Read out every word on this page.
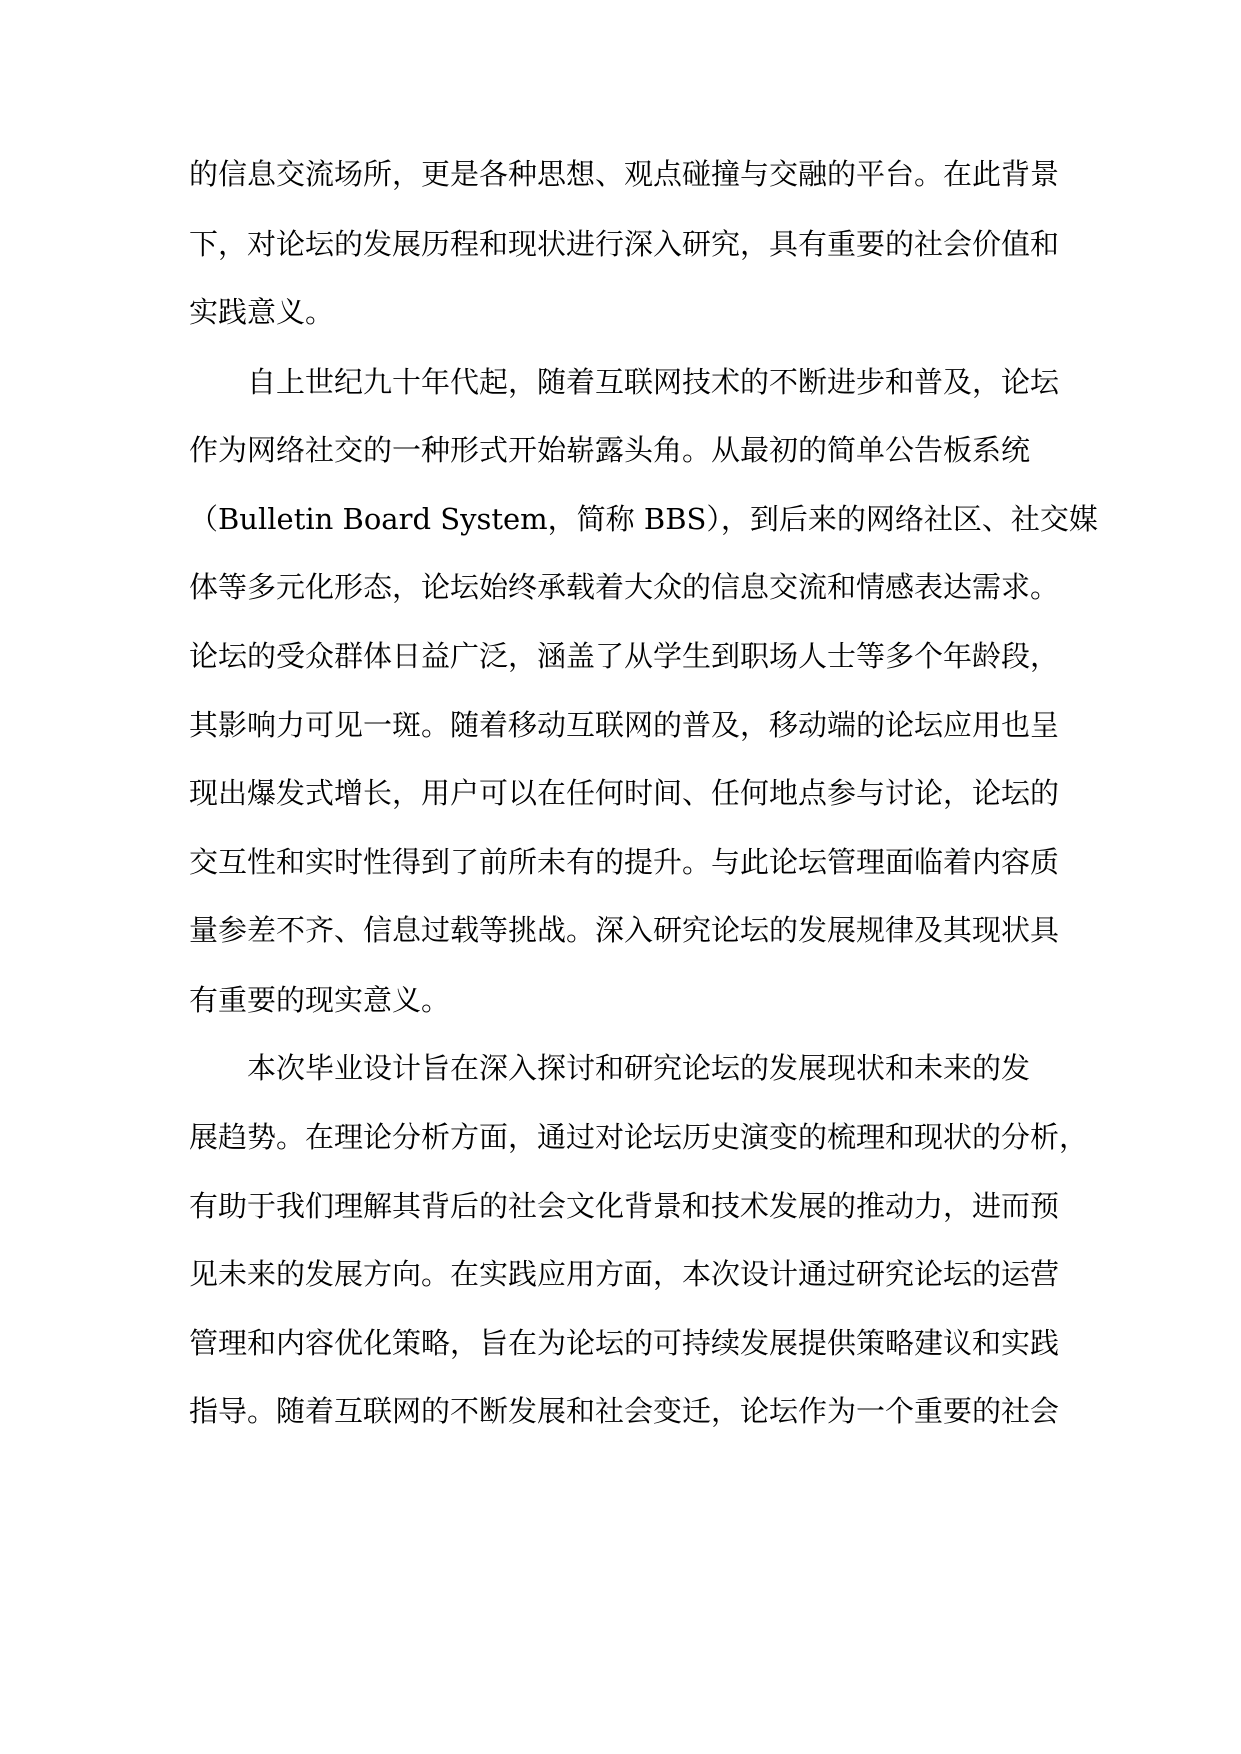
的信息交流场所，更是各种思想、观点碰撞与交融的平台。在此背景
下，对论坛的发展历程和现状进行深入研究，具有重要的社会价值和
实践意义。
自上世纪九十年代起，随着互联网技术的不断进步和普及，论坛
作为网络社交的一种形式开始崭露头角。从最初的简单公告板系统
（Bulletin Board System，简称 BBS），到后来的网络社区、社交媒
体等多元化形态，论坛始终承载着大众的信息交流和情感表达需求。
论坛的受众群体日益广泛，涵盖了从学生到职场人士等多个年龄段，
其影响力可见一斑。随着移动互联网的普及，移动端的论坛应用也呈
现出爆发式增长，用户可以在任何时间、任何地点参与讨论，论坛的
交互性和实时性得到了前所未有的提升。与此论坛管理面临着内容质
量参差不齐、信息过载等挑战。深入研究论坛的发展规律及其现状具
有重要的现实意义。
本次毕业设计旨在深入探讨和研究论坛的发展现状和未来的发
展趋势。在理论分析方面，通过对论坛历史演变的梳理和现状的分析，
有助于我们理解其背后的社会文化背景和技术发展的推动力，进而预
见未来的发展方向。在实践应用方面，本次设计通过研究论坛的运营
管理和内容优化策略，旨在为论坛的可持续发展提供策略建议和实践
指导。随着互联网的不断发展和社会变迁，论坛作为一个重要的社会
